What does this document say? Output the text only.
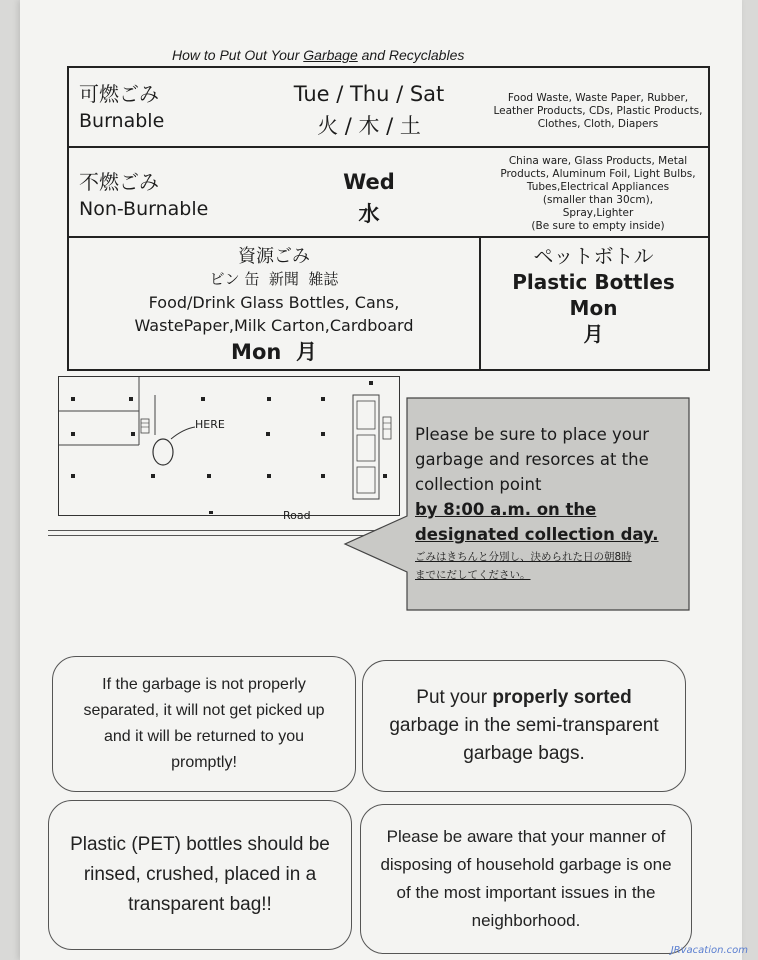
How to Put Out Your Garbage and Recyclables
可燃ごみ
Burnable
Tue / Thu / Sat
火 / 木 / 土
Food Waste, Waste Paper, Rubber,
Leather Products, CDs, Plastic Products,
Clothes, Cloth, Diapers
不燃ごみ
Non-Burnable
Wed
水
China ware, Glass Products, Metal
Products, Aluminum Foil, Light Bulbs,
Tubes,Electrical Appliances
(smaller than 30cm),
Spray,Lighter
(Be sure to empty inside)
資源ごみ
ビン 缶  新聞  雑誌
Food/Drink Glass Bottles, Cans,
WastePaper,Milk Carton,Cardboard
Mon  月
ペットボトル
Plastic Bottles
Mon
月
HERE
Road
Please be sure to place your
garbage and resorces at the
collection point
by 8:00 a.m. on the
designated collection day.
ごみはきちんと分別し、決められた日の朝8時
までにだしてください。
If the garbage is not properly separated, it will not get picked up and it will be returned to you promptly!
Put your properly sorted garbage in the semi-transparent garbage bags.
Plastic (PET) bottles should be rinsed, crushed, placed in a transparent bag!!
Please be aware that your manner of disposing of household garbage is one of the most important issues in the neighborhood.
JRvacation.com
